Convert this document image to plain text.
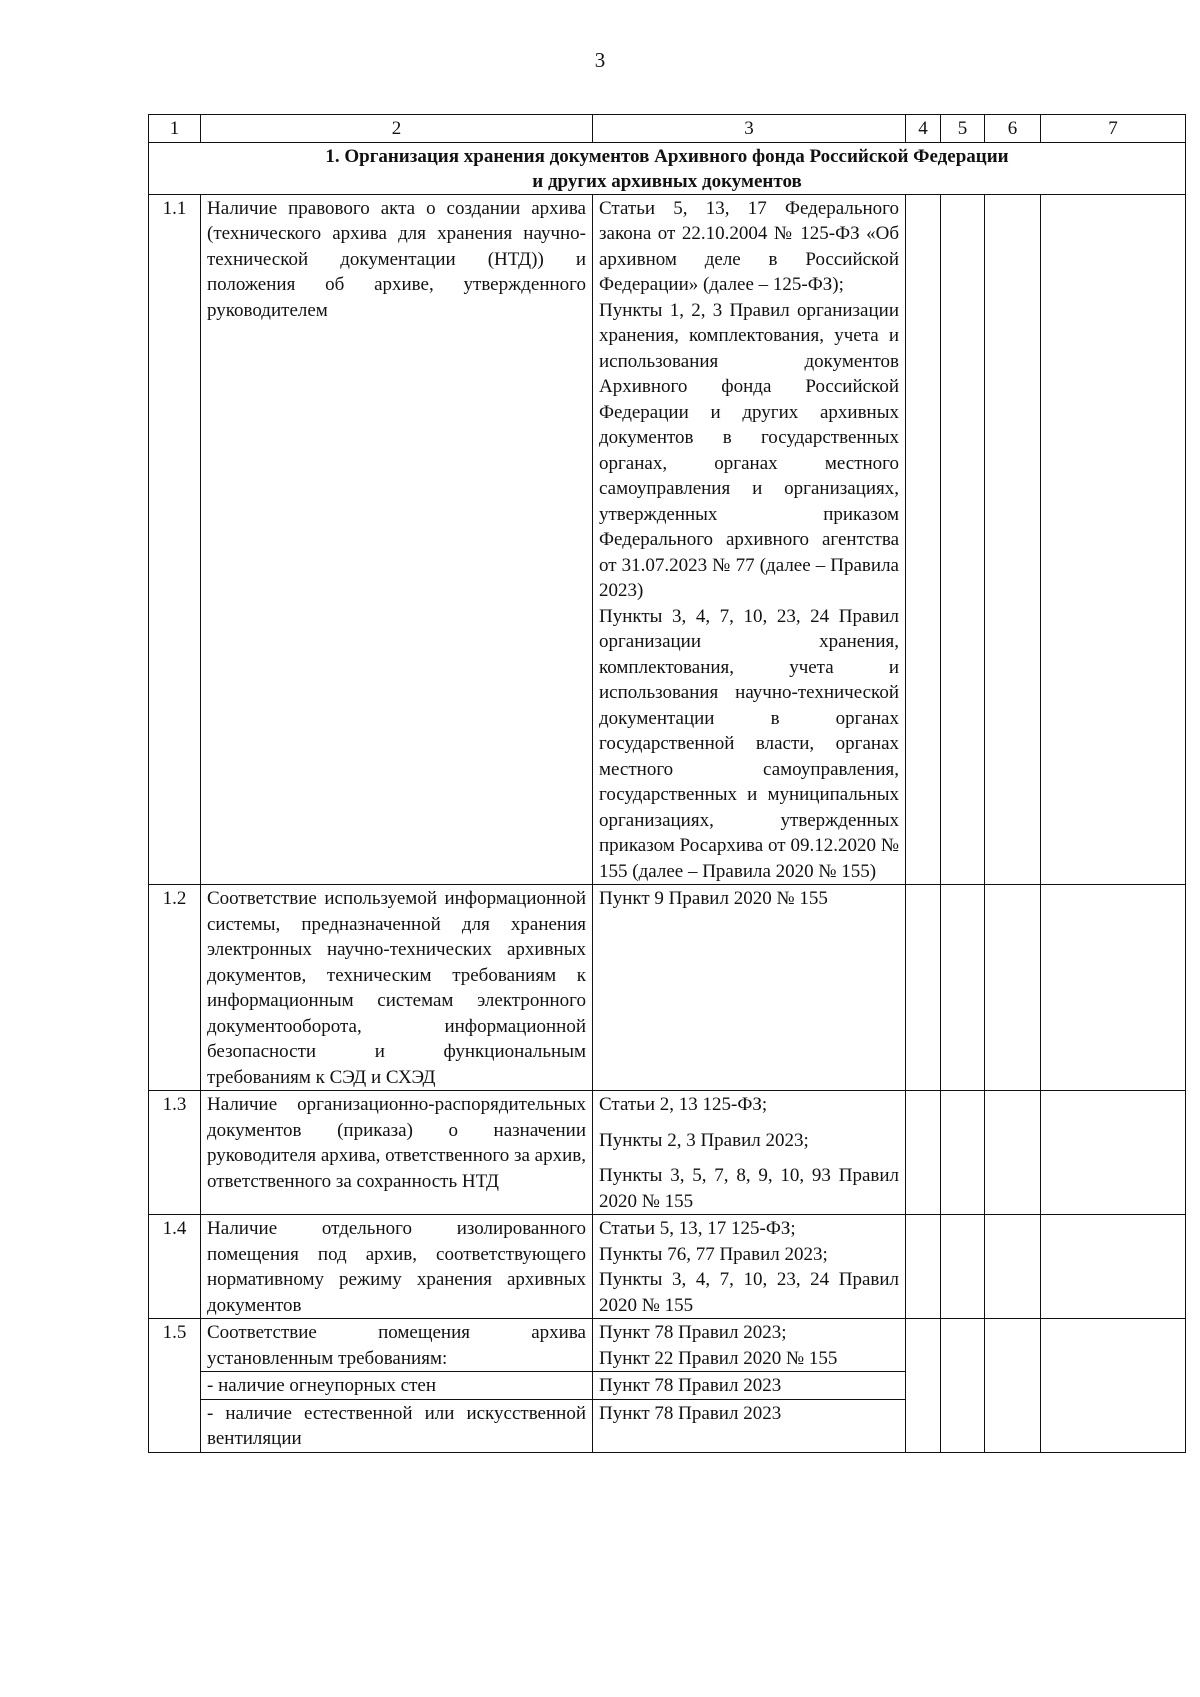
3
1	2	3	4	5	6	7

1. Организация хранения документов Архивного фонда Российской Федерации
и других архивных документов						

1.1	Наличие правового акта о создании архива (технического архива для хранения научно-технической документации (НТД)) и положения об архиве, утвержденного руководителем	Статьи 5, 13, 17 Федерального закона от 22.10.2004 № 125-ФЗ «Об архивном деле в Российской Федерации» (далее – 125-ФЗ);
Пункты 1, 2, 3 Правил организации хранения, комплектования, учета и использования документов Архивного фонда Российской Федерации и других архивных документов в государственных органах, органах местного самоуправления и организациях, утвержденных приказом Федерального архивного агентства от 31.07.2023 № 77 (далее – Правила 2023)
Пункты 3, 4, 7, 10, 23, 24 Правил организации хранения, комплектования, учета и использования научно-технической документации в органах государственной власти, органах местного самоуправления, государственных и муниципальных организациях, утвержденных приказом Росархива от 09.12.2020 № 155 (далее – Правила 2020 № 155)				

1.2	Соответствие используемой информационной системы, предназначенной для хранения электронных научно-технических архивных документов, техническим требованиям к информационным системам электронного документооборота, информационной безопасности и функциональным требованиям к СЭД и СХЭД	Пункт 9 Правил 2020 № 155				

1.3	Наличие организационно-распорядительных документов (приказа) о назначении руководителя архива, ответственного за архив, ответственного за сохранность НТД	Статьи 2, 13 125-ФЗ;
Пункты 2, 3 Правил 2023;
Пункты 3, 5, 7, 8, 9, 10, 93 Правил 2020 № 155				

1.4	Наличие отдельного изолированного помещения под архив, соответствующего нормативному режиму хранения архивных документов	Статьи 5, 13, 17 125-ФЗ;
Пункты 76, 77 Правил 2023;
Пункты 3, 4, 7, 10, 23, 24 Правил 2020 № 155				

1.5	Соответствие помещения архива установленным требованиям:	Пункт 78 Правил 2023;
Пункт 22 Правил 2020 № 155				

	- наличие огнеупорных стен	Пункт 78 Правил 2023				

	- наличие естественной или искусственной вентиляции	Пункт 78 Правил 2023				
